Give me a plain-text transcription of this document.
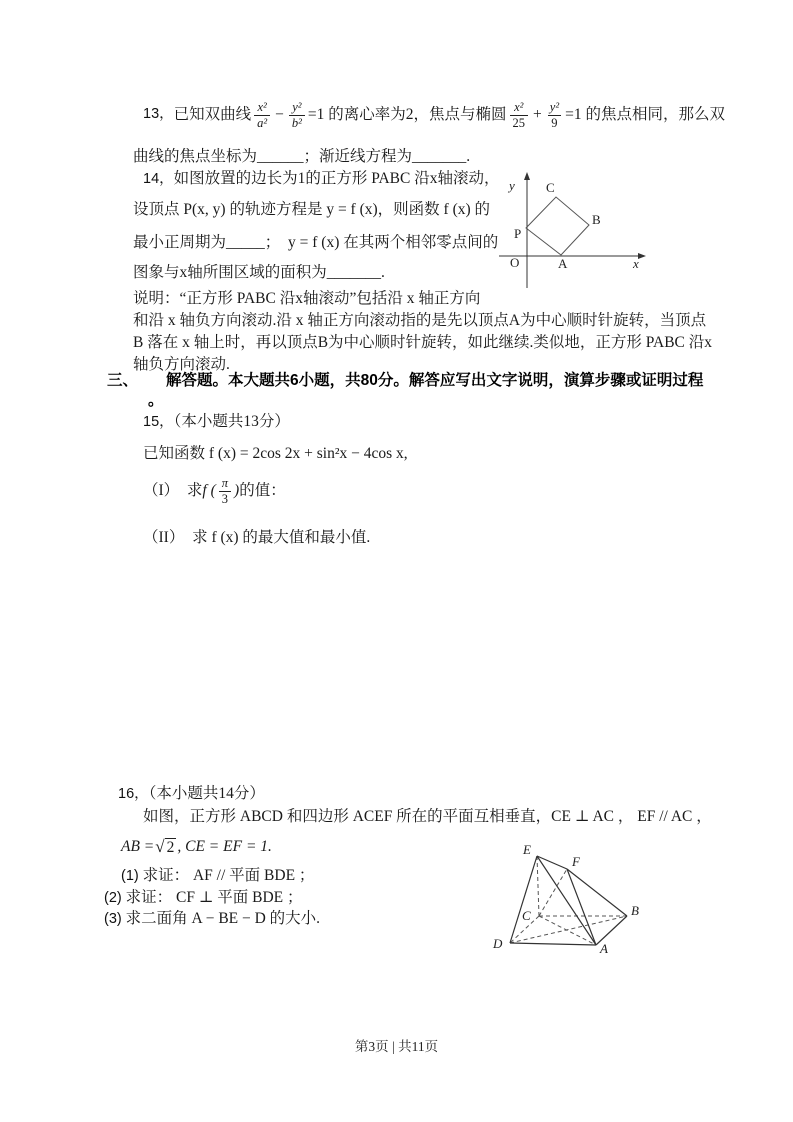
13， 已知双曲线 $\frac{\text{x²}}{\text{a²}} - \frac{\text{y²}}{\text{b²}} =1$ 的离心率为2，焦点与椭圆 $\frac{\text{x²}}{25} + \frac{\text{y²}}{9} =1$ 的焦点相同，那么双
曲线的焦点坐标为______；渐近线方程为_______.
14，如图放置的边长为1的正方形 PABC 沿x轴滚动，
设顶点 P(x, y) 的轨迹方程是 y = f (x)，则函数 f (x) 的
最小正周期为_____；　y = f (x) 在其两个相邻零点间的
图象与x轴所围区域的面积为_______.
y C
B
P
O	A	x
说明：“正方形 PABC 沿x轴滚动”包括沿 x 轴正方向
和沿 x 轴负方向滚动.沿 x 轴正方向滚动指的是先以顶点A为中心顺时针旋转，当顶点
B 落在 x 轴上时，再以顶点B为中心顺时针旋转，如此继续.类似地，正方形 PABC 沿x
轴负方向滚动.
三、 解答题。本大题共6小题，共80分。解答应写出文字说明，演算步骤或证明过程
。
15，（本小题共13分）
已知函数 f (x) = 2cos 2x + sin²x − 4cos x,
（I）　求 f ( $\frac{\pi}{3}$ ) 的值：
（II）　求 f (x) 的最大值和最小值.
16，（本小题共14分）
如图，正方形 ABCD 和四边形 ACEF 所在的平面互相垂直，CE ⊥ AC ， EF // AC ，
AB = √ 2 , CE = EF = 1.
(1) 求证： AF // 平面 BDE ；
(2) 求证： CF ⊥ 平面 BDE ；
(3) 求二面角 A − BE − D 的大小.
E
F
C	B
D	A
第3页 | 共11页
